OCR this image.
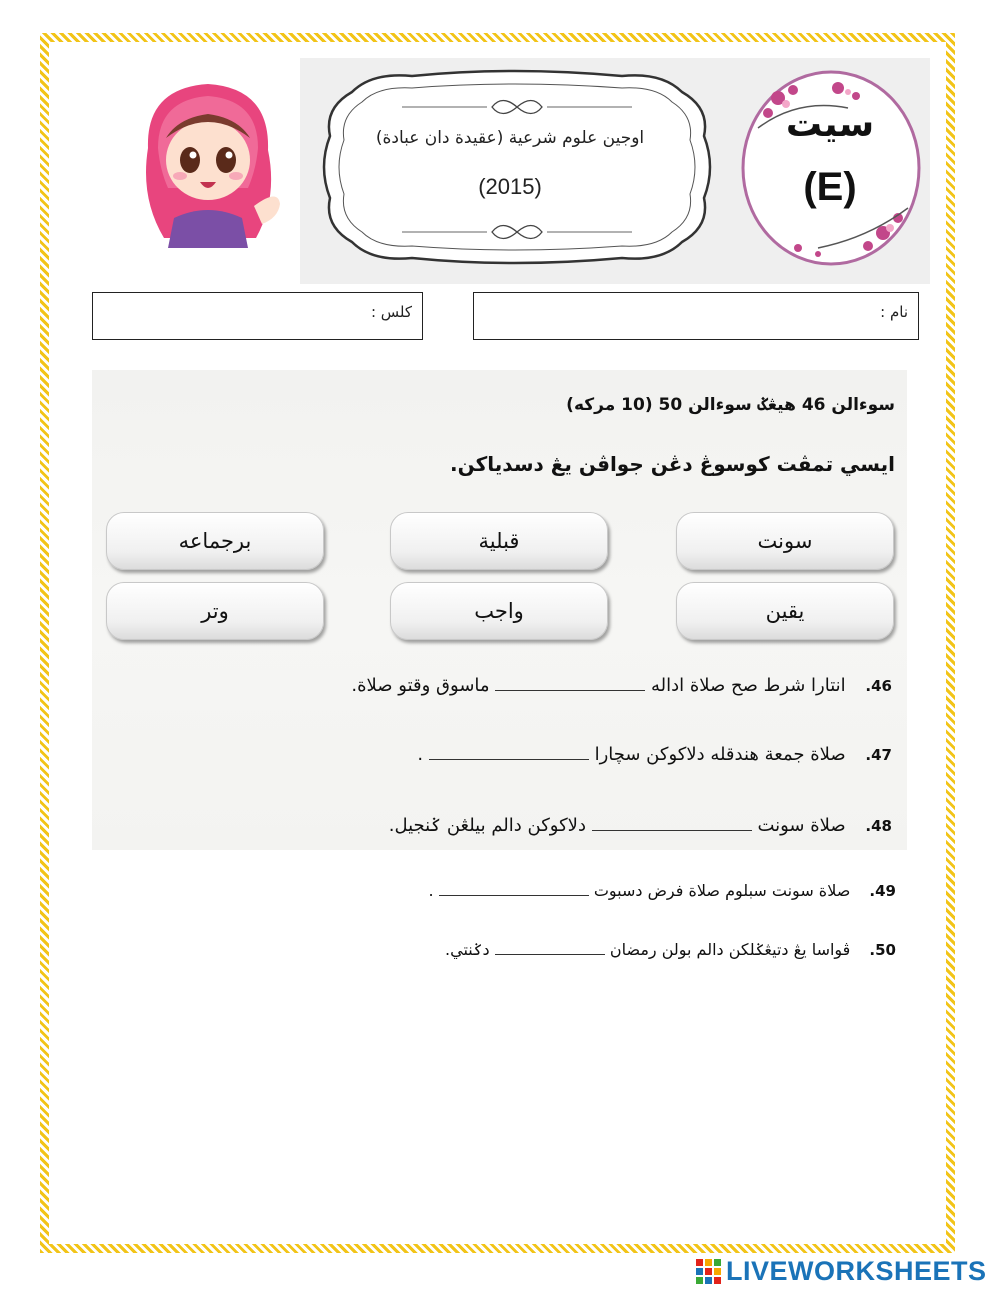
اوجين علوم شرعية (عقيدة دان عبادة)
(2015)
سيت
(E)
كلس :	نام :
سوءالن 46 هيڠݢ سوءالن 50 (10 مركه)
ايسي تمڤت كوسوڠ دڠن جواڤن يڠ دسدياكن.
سونت
قبلية
برجماعه
يقين
واجب
وتر
46. انتارا شرط صح صلاة اداله  ماسوق وقتو صلاة.
47. صلاة جمعة هندقله دلاكوكن سچارا  .
48. صلاة سونت  دلاكوكن دالم بيلڠن ݢنجيل.
49. صلاة سونت سبلوم صلاة فرض دسبوت  .
50. ڤواسا يڠ دتيڠݢلكن دالم بولن رمضان  دݢنتي.
LIVEWORKSHEETS
